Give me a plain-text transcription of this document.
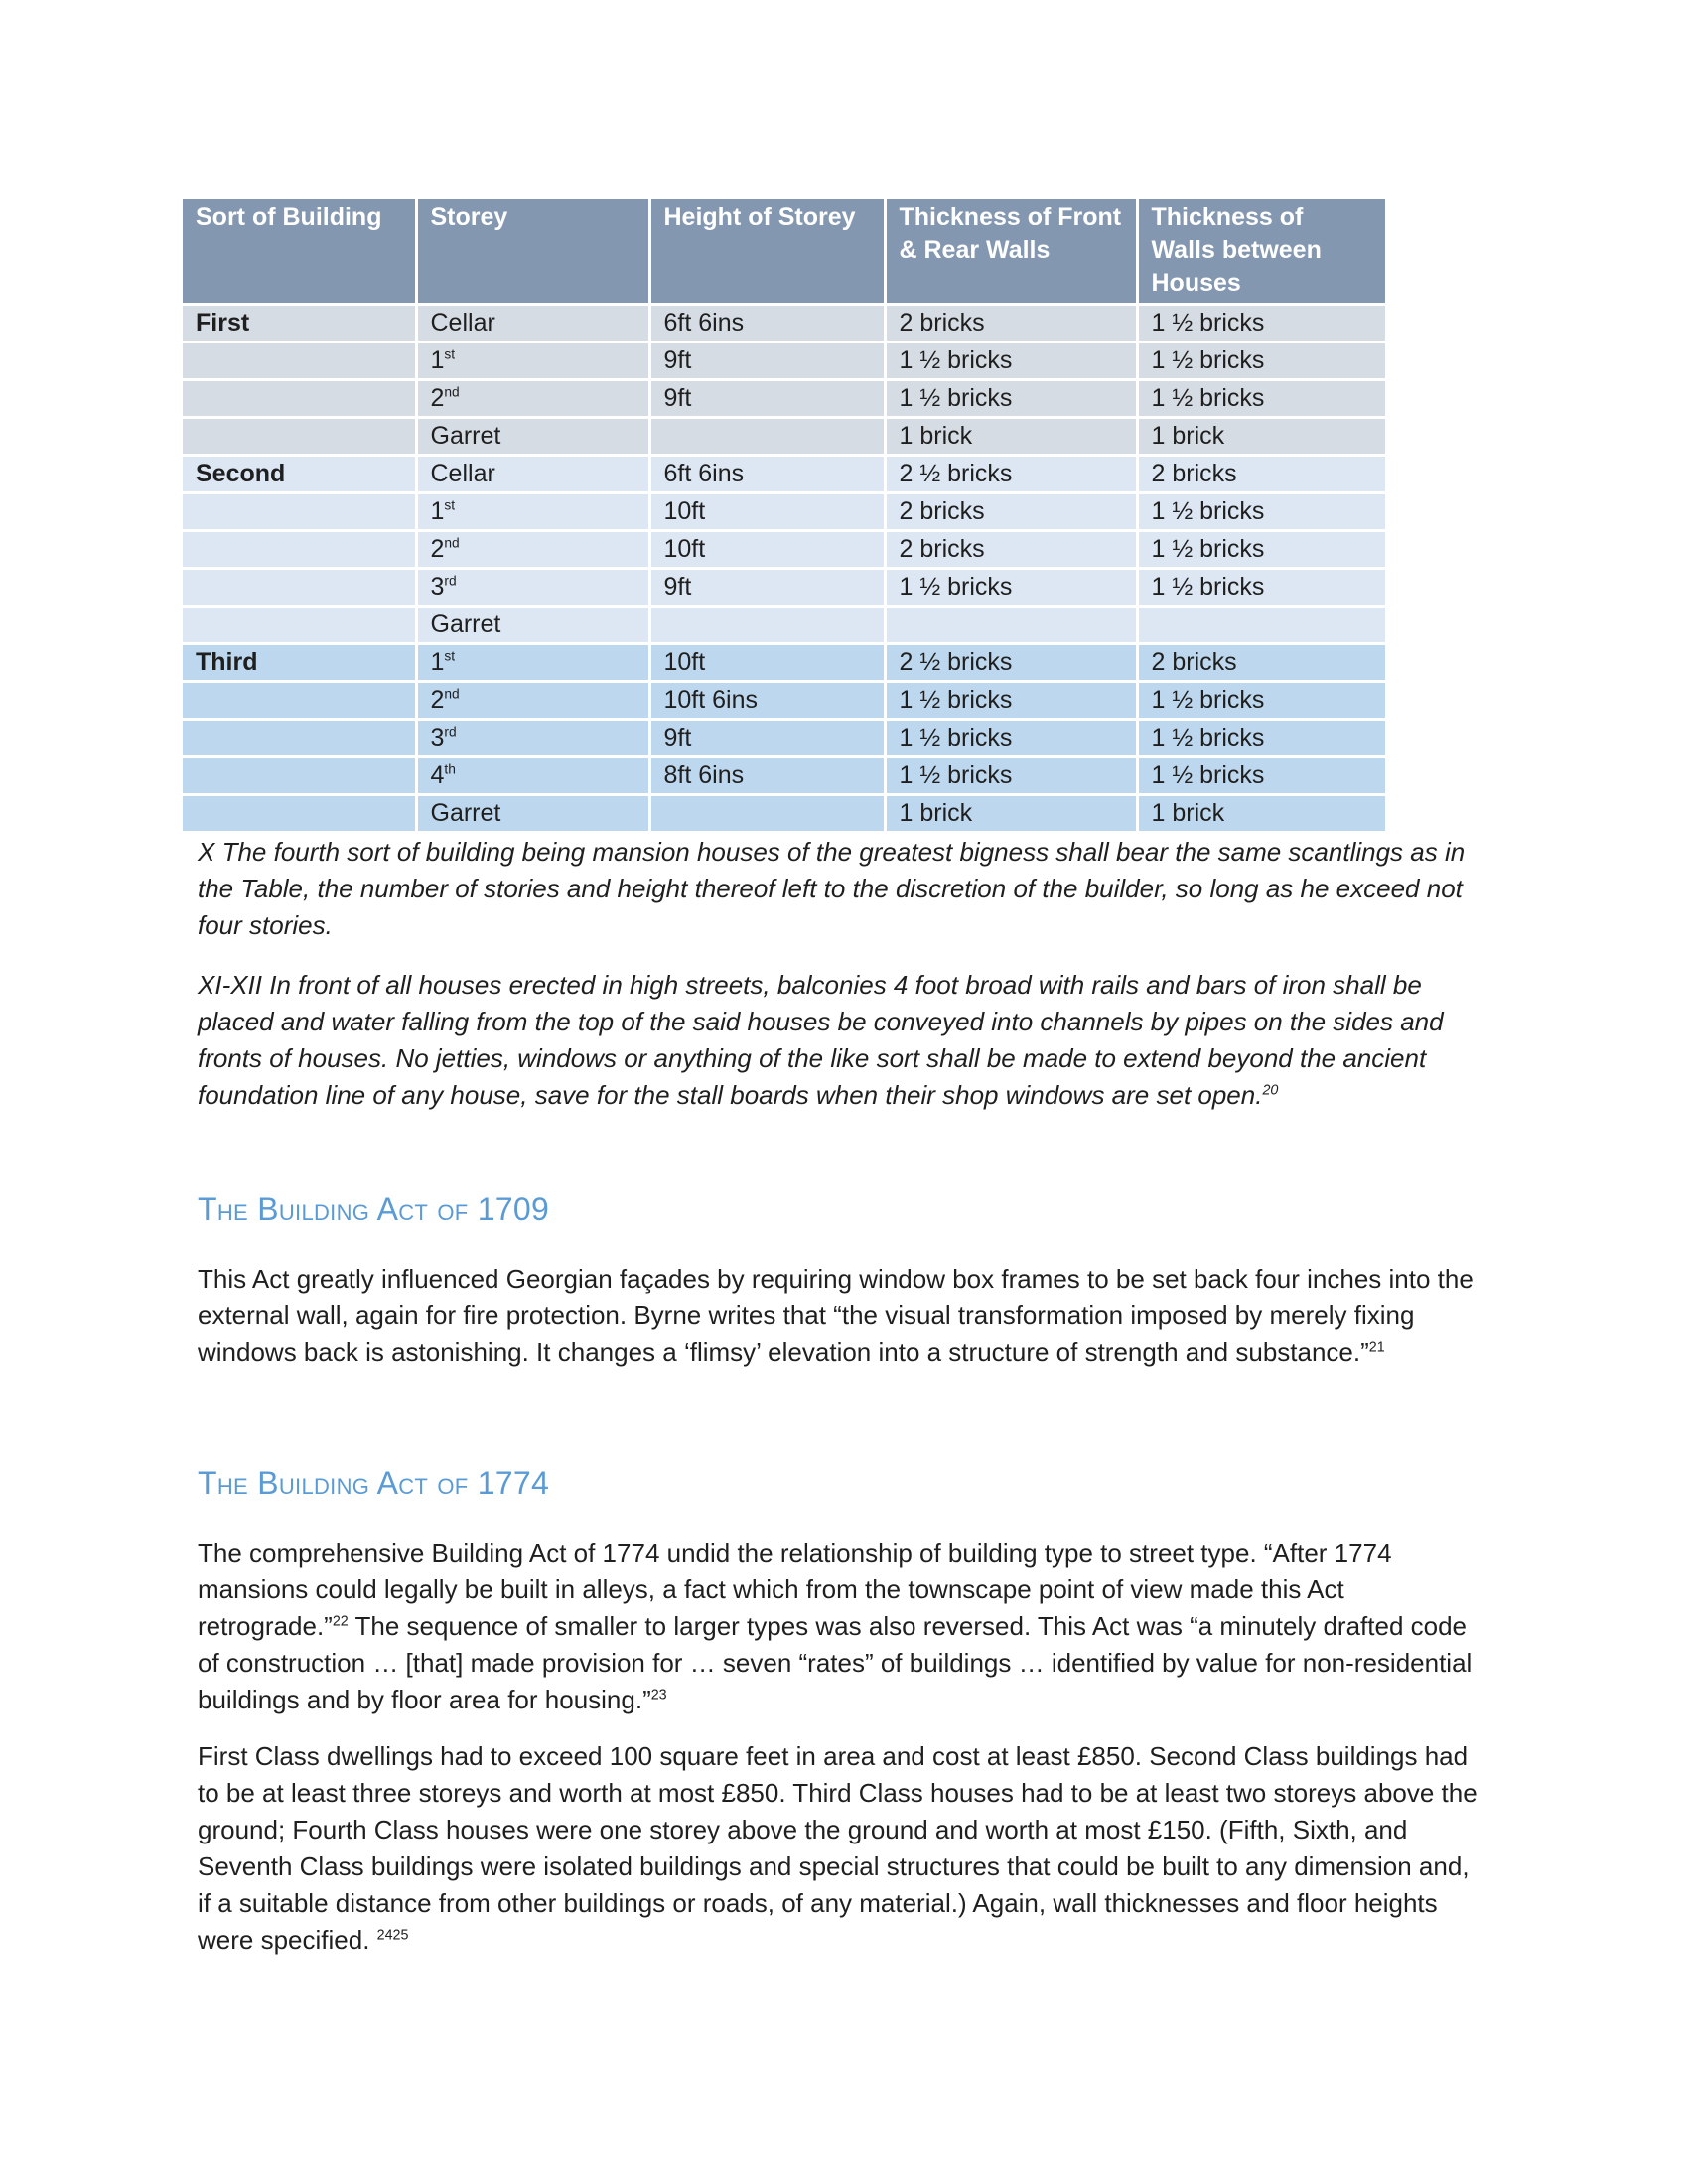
Sort of Building	Storey	Height of Storey	Thickness of Front & Rear Walls	Thickness of Walls between Houses
First	Cellar	6ft 6ins	2 bricks	1 ½ bricks
	1st	9ft	1 ½ bricks	1 ½ bricks
	2nd	9ft	1 ½ bricks	1 ½ bricks
	Garret		1 brick	1 brick
Second	Cellar	6ft 6ins	2 ½ bricks	2 bricks
	1st	10ft	2 bricks	1 ½ bricks
	2nd	10ft	2 bricks	1 ½ bricks
	3rd	9ft	1 ½ bricks	1 ½ bricks
	Garret			
Third	1st	10ft	2 ½ bricks	2 bricks
	2nd	10ft 6ins	1 ½ bricks	1 ½ bricks
	3rd	9ft	1 ½ bricks	1 ½ bricks
	4th	8ft 6ins	1 ½ bricks	1 ½ bricks
	Garret		1 brick	1 brick

X The fourth sort of building being mansion houses of the greatest bigness shall bear the same scantlings as in the Table, the number of stories and height thereof left to the discretion of the builder, so long as he exceed not four stories.

XI-XII In front of all houses erected in high streets, balconies 4 foot broad with rails and bars of iron shall be placed and water falling from the top of the said houses be conveyed into channels by pipes on the sides and fronts of houses. No jetties, windows or anything of the like sort shall be made to extend beyond the ancient foundation line of any house, save for the stall boards when their shop windows are set open.$^{20}$

The Building Act of 1709

This Act greatly influenced Georgian façades by requiring window box frames to be set back four inches into the external wall, again for fire protection. Byrne writes that “the visual transformation imposed by merely fixing windows back is astonishing. It changes a ‘flimsy’ elevation into a structure of strength and substance.”$^{21}$

The Building Act of 1774

The comprehensive Building Act of 1774 undid the relationship of building type to street type. “After 1774 mansions could legally be built in alleys, a fact which from the townscape point of view made this Act retrograde.”$^{22}$ The sequence of smaller to larger types was also reversed. This Act was “a minutely drafted code of construction … [that] made provision for … seven “rates” of buildings … identified by value for non-residential buildings and by floor area for housing.”$^{23}$

First Class dwellings had to exceed 100 square feet in area and cost at least £850. Second Class buildings had to be at least three storeys and worth at most £850. Third Class houses had to be at least two storeys above the ground; Fourth Class houses were one storey above the ground and worth at most £150. (Fifth, Sixth, and Seventh Class buildings were isolated buildings and special structures that could be built to any dimension and, if a suitable distance from other buildings or roads, of any material.) Again, wall thicknesses and floor heights were specified. $^{2425}$
